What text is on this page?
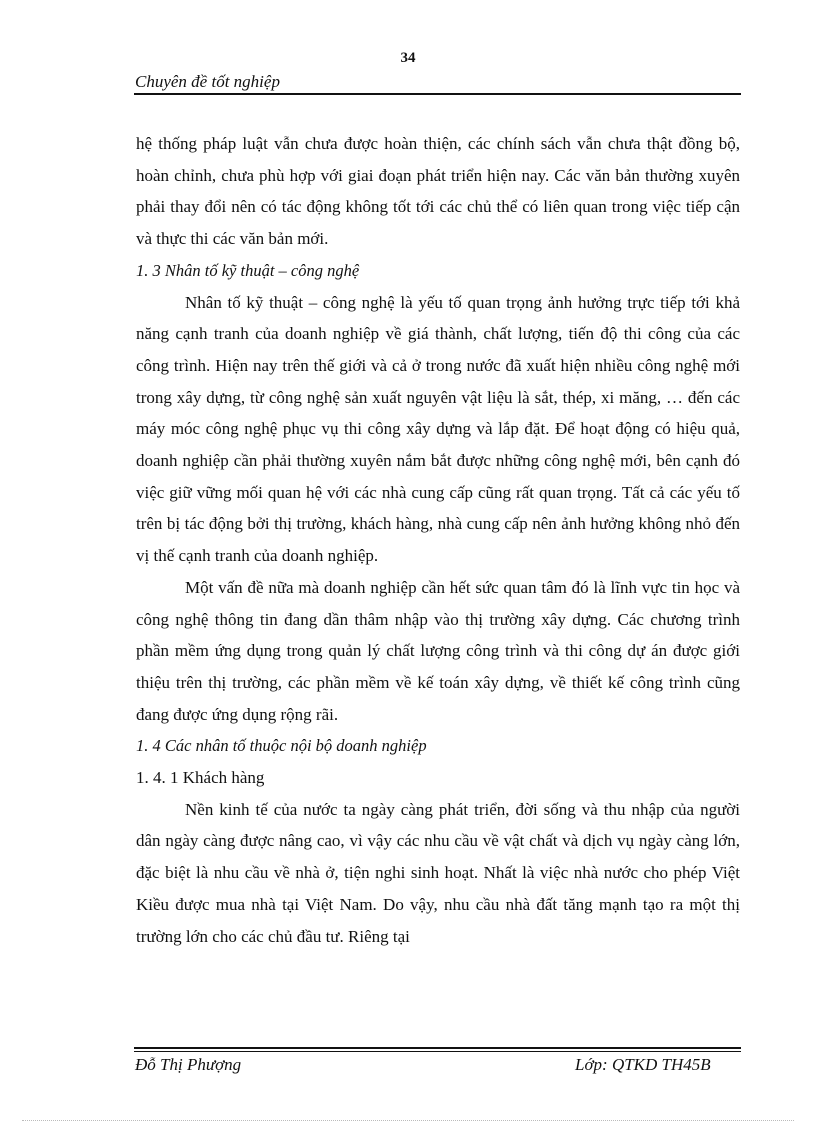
34
Chuyên đề tốt nghiệp

hệ thống pháp luật vẫn chưa được hoàn thiện, các chính sách vẫn chưa thật đồng bộ, hoàn chỉnh, chưa phù hợp với giai đoạn phát triển hiện nay. Các văn bản thường xuyên phải thay đổi nên có tác động không tốt tới các chủ thể có liên quan trong việc tiếp cận và thực thi các văn bản mới.

1. 3 Nhân tố kỹ thuật – công nghệ

Nhân tố kỹ thuật – công nghệ là yếu tố quan trọng ảnh hưởng trực tiếp tới khả năng cạnh tranh của doanh nghiệp về giá thành, chất lượng, tiến độ thi công của các công trình. Hiện nay trên thế giới và cả ở trong nước đã xuất hiện nhiều công nghệ mới trong xây dựng, từ công nghệ sản xuất nguyên vật liệu là sắt, thép, xi măng, … đến các máy móc công nghệ phục vụ thi công xây dựng và lắp đặt. Để hoạt động có hiệu quả, doanh nghiệp cần phải thường xuyên nắm bắt được những công nghệ mới, bên cạnh đó việc giữ vững mối quan hệ với các nhà cung cấp cũng rất quan trọng. Tất cả các yếu tố trên bị tác động bởi thị trường, khách hàng, nhà cung cấp nên ảnh hưởng không nhỏ đến vị thế cạnh tranh của doanh nghiệp.

Một vấn đề nữa mà doanh nghiệp cần hết sức quan tâm đó là lĩnh vực tin học và công nghệ thông tin đang dần thâm nhập vào thị trường xây dựng. Các chương trình phần mềm ứng dụng trong quản lý chất lượng công trình và thi công dự án được giới thiệu trên thị trường, các phần mềm về kế toán xây dựng, về thiết kế công trình cũng đang được ứng dụng rộng rãi.

1. 4 Các nhân tố thuộc nội bộ doanh nghiệp

1. 4. 1 Khách hàng

Nền kinh tế của nước ta ngày càng phát triển, đời sống và thu nhập của người dân ngày càng được nâng cao, vì vậy các nhu cầu về vật chất và dịch vụ ngày càng lớn, đặc biệt là nhu cầu về nhà ở, tiện nghi sinh hoạt. Nhất là việc nhà nước cho phép Việt Kiều được mua nhà tại Việt Nam. Do vậy, nhu cầu nhà đất tăng mạnh tạo ra một thị trường lớn cho các chủ đầu tư. Riêng tại

Đỗ Thị Phượng	Lớp: QTKD TH45B
